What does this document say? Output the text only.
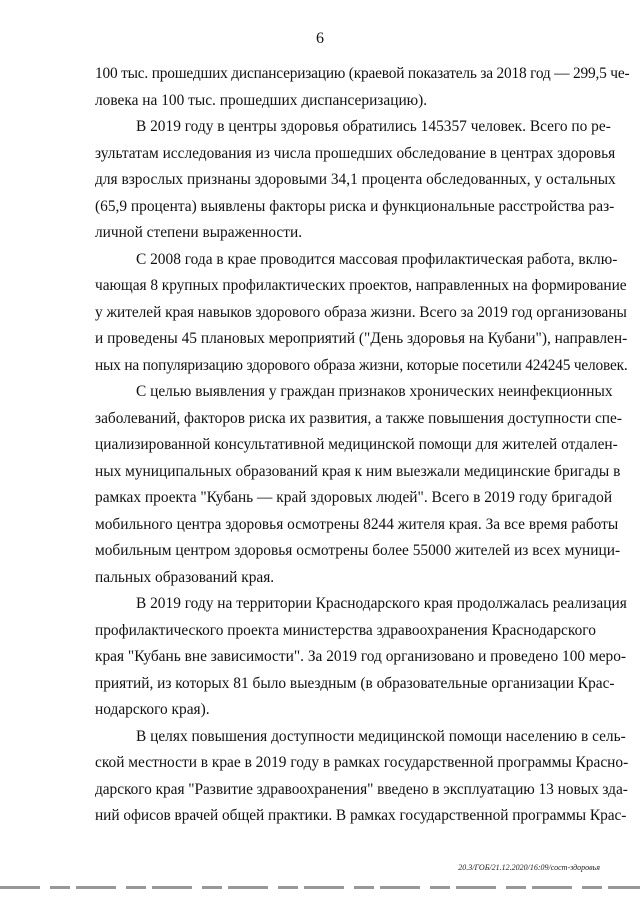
6

100 тыс. прошедших диспансеризацию (краевой показатель за 2018 год — 299,5 че-
ловека на 100 тыс. прошедших диспансеризацию).

В 2019 году в центры здоровья обратились 145357 человек. Всего по ре-
зультатам исследования из числа прошедших обследование в центрах здоровья
для взрослых признаны здоровыми 34,1 процента обследованных, у остальных
(65,9 процента) выявлены факторы риска и функциональные расстройства раз-
личной степени выраженности.

С 2008 года в крае проводится массовая профилактическая работа, вклю-
чающая 8 крупных профилактических проектов, направленных на формирование
у жителей края навыков здорового образа жизни. Всего за 2019 год организованы
и проведены 45 плановых мероприятий ("День здоровья на Кубани"), направлен-
ных на популяризацию здорового образа жизни, которые посетили 424245 человек.

С целью выявления у граждан признаков хронических неинфекционных
заболеваний, факторов риска их развития, а также повышения доступности спе-
циализированной консультативной медицинской помощи для жителей отдален-
ных муниципальных образований края к ним выезжали медицинские бригады в
рамках проекта "Кубань — край здоровых людей". Всего в 2019 году бригадой
мобильного центра здоровья осмотрены 8244 жителя края. За все время работы
мобильным центром здоровья осмотрены более 55000 жителей из всех муници-
пальных образований края.

В 2019 году на территории Краснодарского края продолжалась реализация
профилактического проекта министерства здравоохранения Краснодарского
края "Кубань вне зависимости". За 2019 год организовано и проведено 100 меро-
приятий, из которых 81 было выездным (в образовательные организации Крас-
нодарского края).

В целях повышения доступности медицинской помощи населению в сель-
ской местности в крае в 2019 году в рамках государственной программы Красно-
дарского края "Развитие здравоохранения" введено в эксплуатацию 13 новых зда-
ний офисов врачей общей практики. В рамках государственной программы Крас-

20.3/ГОБ/21.12.2020/16:09/сост-здоровья
